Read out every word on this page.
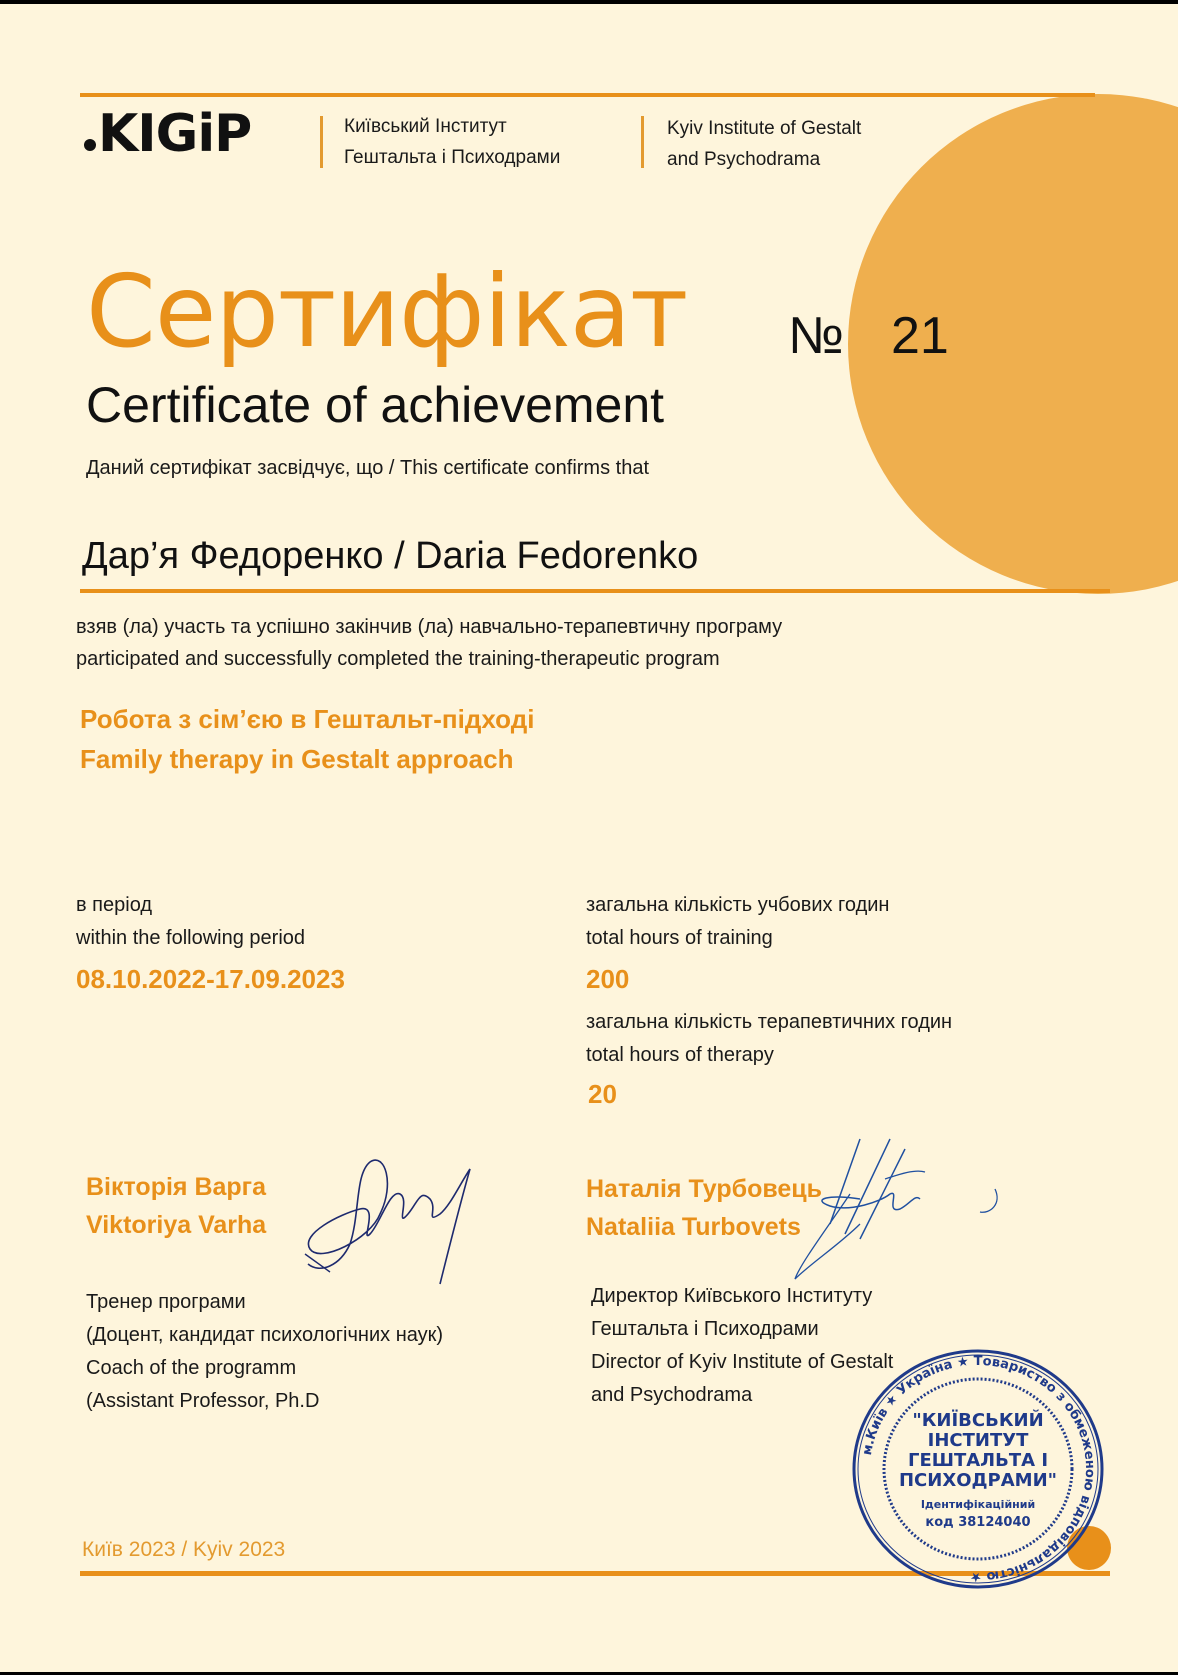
KIGiP	Київський Інститут
Гештальта і Психодрами
Kyiv Institute of Gestalt
and Psychodrama
Сертифікат № 21
Certificate of achievement
Даний сертифікат засвідчує, що / This certificate confirms that
Дар’я Федоренко / Daria Fedorenko
взяв (ла) участь та успішно закінчив (ла) навчально-терапевтичну програму
participated and successfully completed the training-therapeutic program
Робота з сім’єю в Гештальт-підході
Family therapy in Gestalt approach
в період
within the following period
08.10.2022-17.09.2023
загальна кількість учбових годин
total hours of training
200
загальна кількість терапевтичних годин
total hours of therapy
20
Вікторія Варга
Viktoriya Varha
Тренер програми
(Доцент, кандидат психологічних наук)
Coach of the programm
(Assistant Professor, Ph.D
Наталія Турбовець
Nataliia Turbovets
Директор Київського Інституту
Гештальта і Психодрами
Director of Kyiv Institute of Gestalt
and Psychodrama
Київ 2023 / Kyiv 2023
м.Київ ★ Україна ★ Товариство з обмеженою відповідальністю ★
"КИЇВСЬКИЙ
ІНСТИТУТ
ГЕШТАЛЬТА І
ПСИХОДРАМИ"
Ідентифікаційний
код 38124040
